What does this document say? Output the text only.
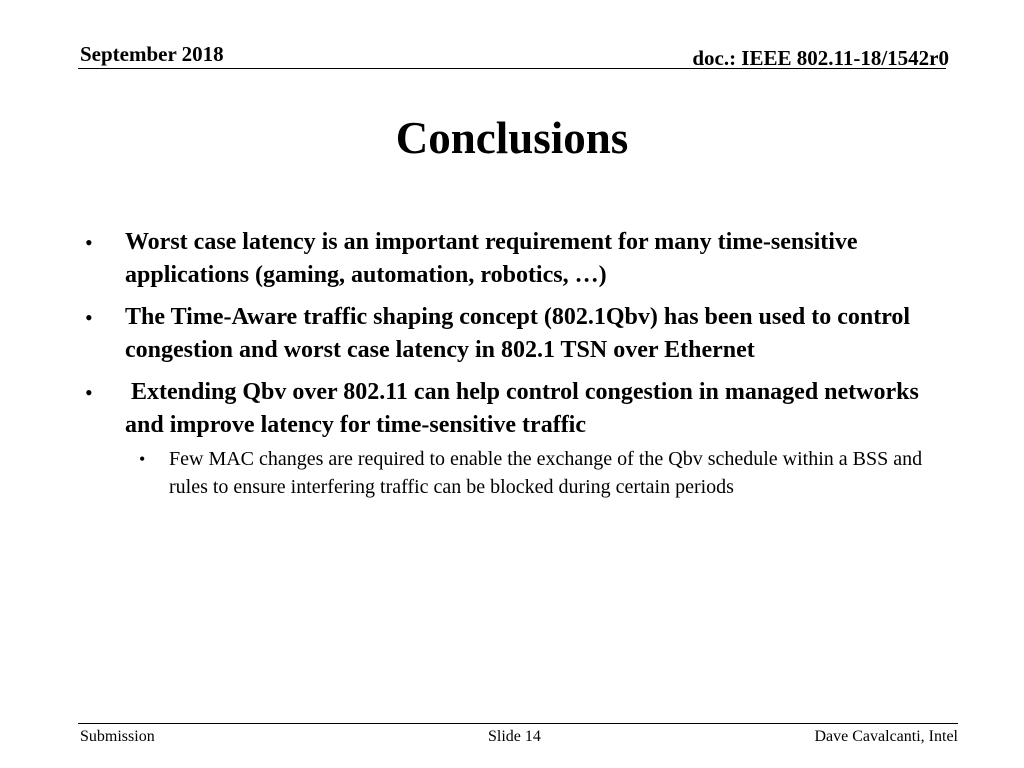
September 2018	doc.: IEEE 802.11-18/1542r0
Conclusions
• Worst case latency is an important requirement for many time-sensitive applications (gaming, automation, robotics, …)
• The Time-Aware traffic shaping concept (802.1Qbv) has been used to control congestion and worst case latency in 802.1 TSN over Ethernet
• Extending Qbv over 802.11 can help control congestion in managed networks and improve latency for time-sensitive traffic
• Few MAC changes are required to enable the exchange of the Qbv schedule within a BSS and rules to ensure interfering traffic can be blocked during certain periods
Submission	Slide 14	Dave Cavalcanti, Intel
